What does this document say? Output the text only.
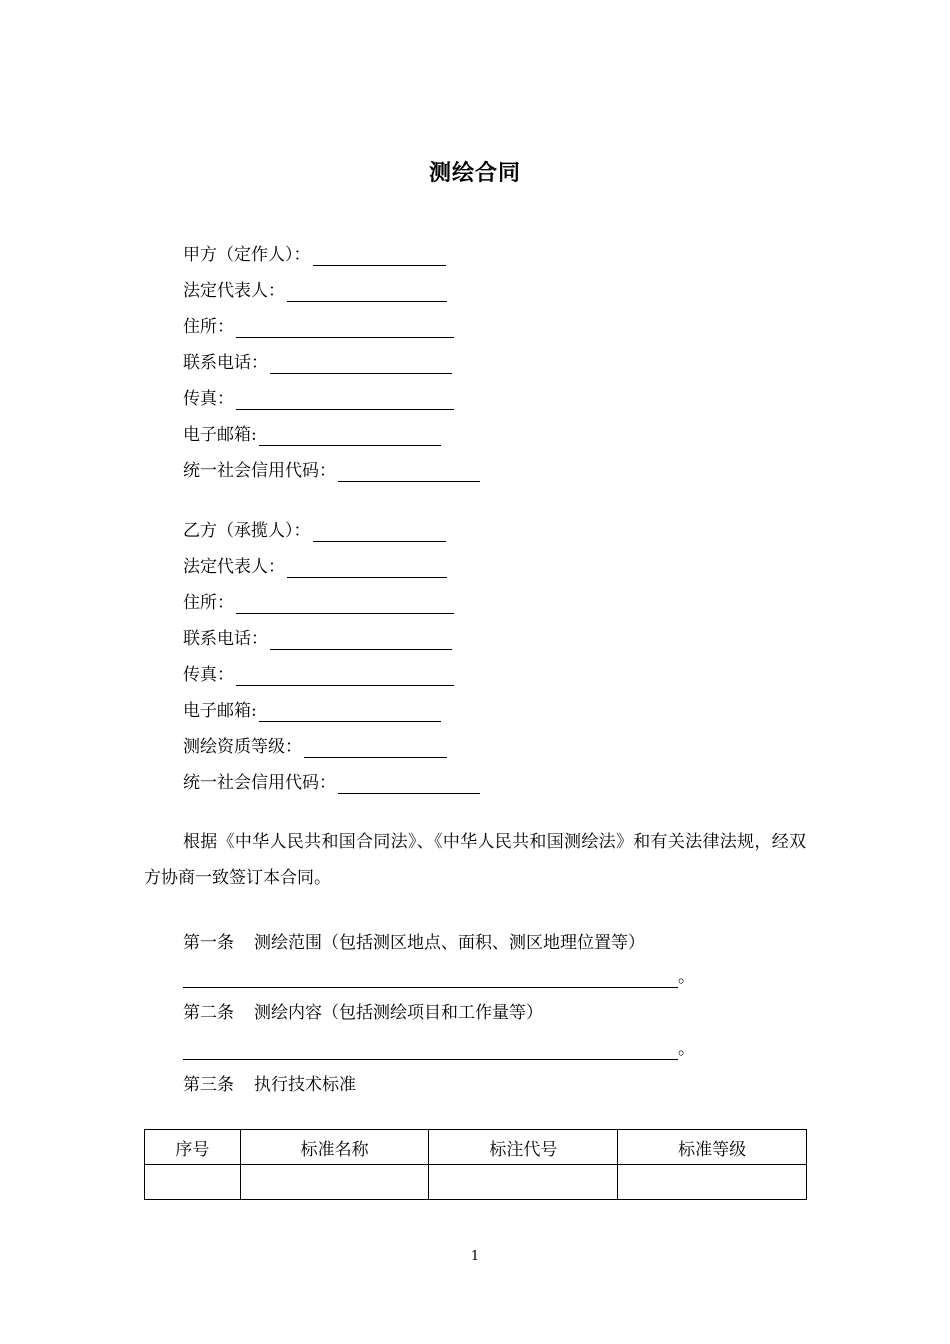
测绘合同
甲方（定作人）：
法定代表人：
住所：
联系电话：
传真：
电子邮箱:
统一社会信用代码：
乙方（承揽人）：
法定代表人：
住所：
联系电话：
传真：
电子邮箱:
测绘资质等级：
统一社会信用代码：
根据《中华人民共和国合同法》、《中华人民共和国测绘法》和有关法律法规，经双方协商一致签订本合同。
第一条 测绘范围（包括测区地点、面积、测区地理位置等）
。
第二条 测绘内容（包括测绘项目和工作量等）
。
第三条 执行技术标准
序号	标准名称	标注代号	标准等级

1
